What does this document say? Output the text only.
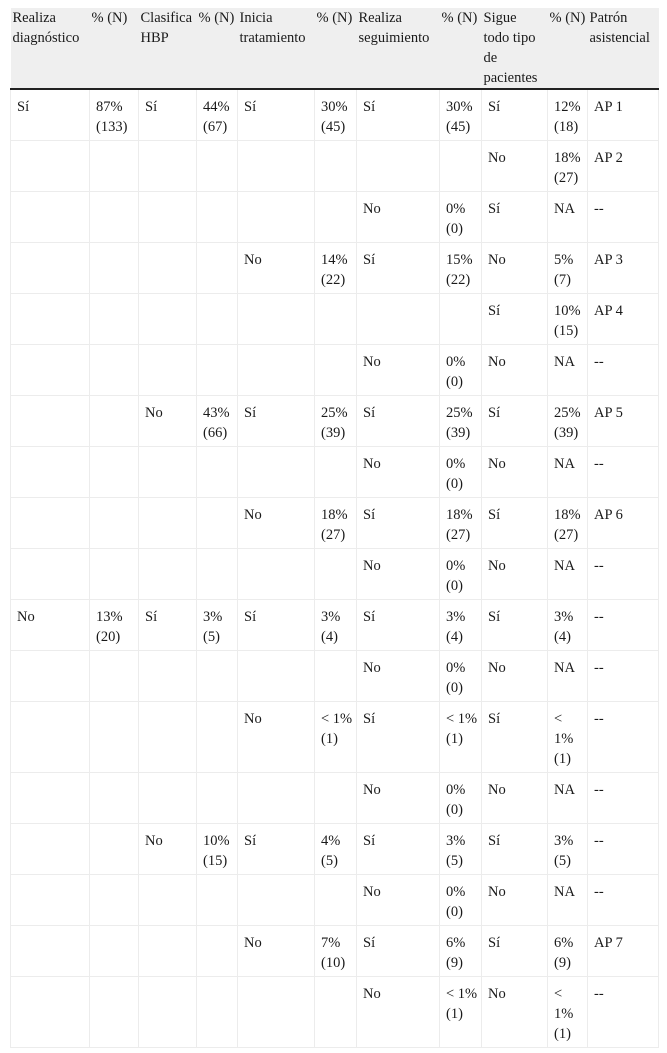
Realiza diagnóstico	% (N)	Clasifica HBP	% (N)	Inicia tratamiento	% (N)	Realiza seguimiento	% (N)	Sigue todo tipo de pacientes	% (N)	Patrón asistencial
Sí	87% (133)	Sí	44% (67)	Sí	30% (45)	Sí	30% (45)	Sí	12% (18)	AP 1
								No	18% (27)	AP 2
						No	0% (0)	Sí	NA	--
				No	14% (22)	Sí	15% (22)	No	5% (7)	AP 3
								Sí	10% (15)	AP 4
						No	0% (0)	No	NA	--
		No	43% (66)	Sí	25% (39)	Sí	25% (39)	Sí	25% (39)	AP 5
						No	0% (0)	No	NA	--
				No	18% (27)	Sí	18% (27)	Sí	18% (27)	AP 6
						No	0% (0)	No	NA	--
No	13% (20)	Sí	3% (5)	Sí	3% (4)	Sí	3% (4)	Sí	3% (4)	--
						No	0% (0)	No	NA	--
				No	< 1% (1)	Sí	< 1% (1)	Sí	< 1% (1)	--
						No	0% (0)	No	NA	--
		No	10% (15)	Sí	4% (5)	Sí	3% (5)	Sí	3% (5)	--
						No	0% (0)	No	NA	--
				No	7% (10)	Sí	6% (9)	Sí	6% (9)	AP 7
						No	< 1% (1)	No	< 1% (1)	--
